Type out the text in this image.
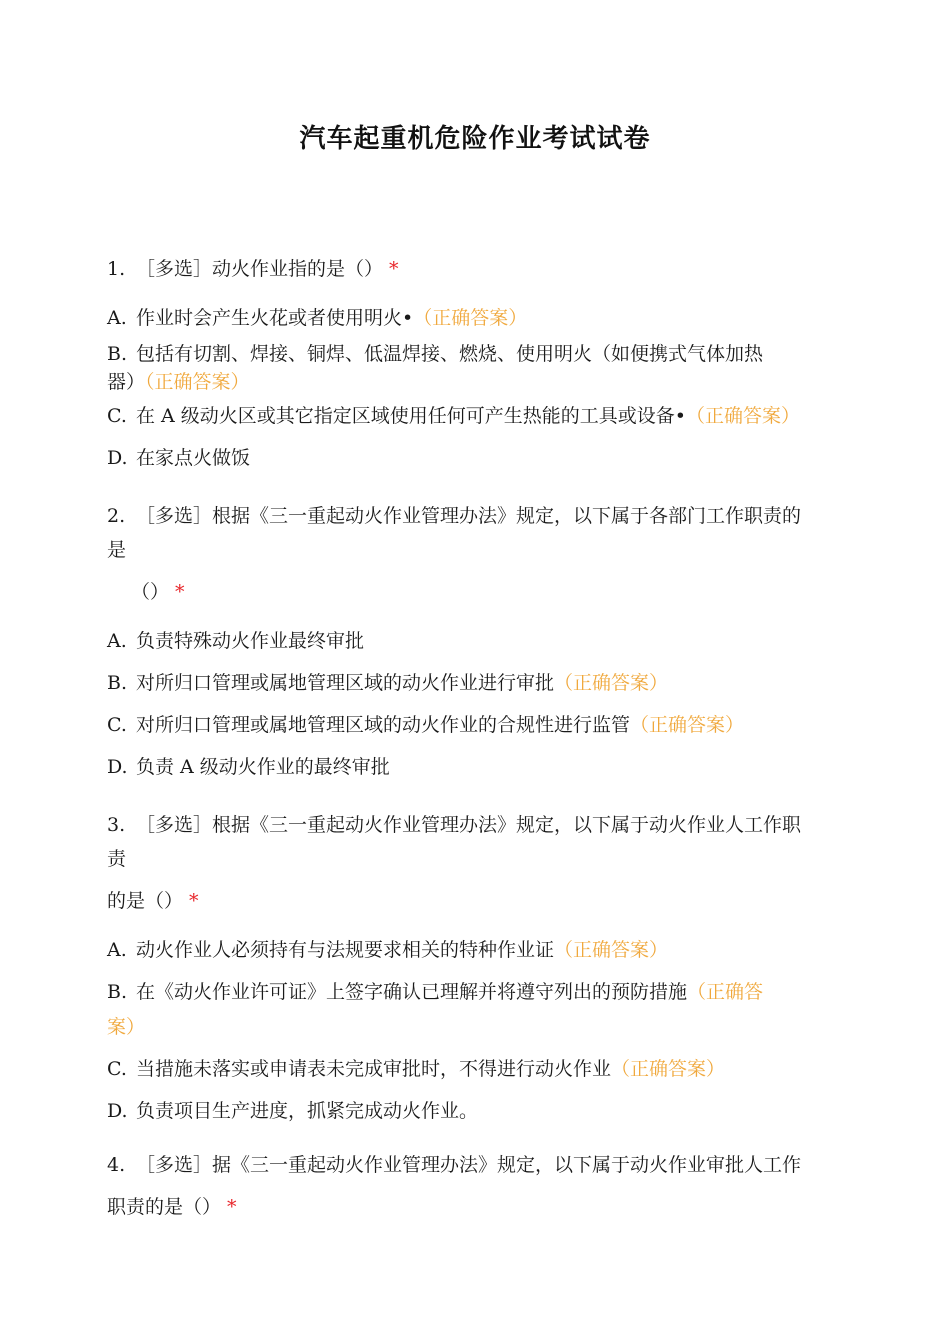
汽车起重机危险作业考试试卷
1. ［多选］动火作业指的是（） *
A. 作业时会产生火花或者使用明火•（正确答案）
B. 包括有切割、焊接、铜焊、低温焊接、燃烧、使用明火（如便携式气体加热
器）（正确答案）
C. 在 A 级动火区或其它指定区域使用任何可产生热能的工具或设备•（正确答案）
D. 在家点火做饭
2. ［多选］根据《三一重起动火作业管理办法》规定，以下属于各部门工作职责的
是
（） *
A. 负责特殊动火作业最终审批
B. 对所归口管理或属地管理区域的动火作业进行审批（正确答案）
C. 对所归口管理或属地管理区域的动火作业的合规性进行监管（正确答案）
D. 负责 A 级动火作业的最终审批
3. ［多选］根据《三一重起动火作业管理办法》规定，以下属于动火作业人工作职
责
的是（） *
A. 动火作业人必须持有与法规要求相关的特种作业证（正确答案）
B. 在《动火作业许可证》上签字确认已理解并将遵守列出的预防措施（正确答
案）
C. 当措施未落实或申请表未完成审批时，不得进行动火作业（正确答案）
D. 负责项目生产进度，抓紧完成动火作业。
4. ［多选］据《三一重起动火作业管理办法》规定，以下属于动火作业审批人工作
职责的是（） *
